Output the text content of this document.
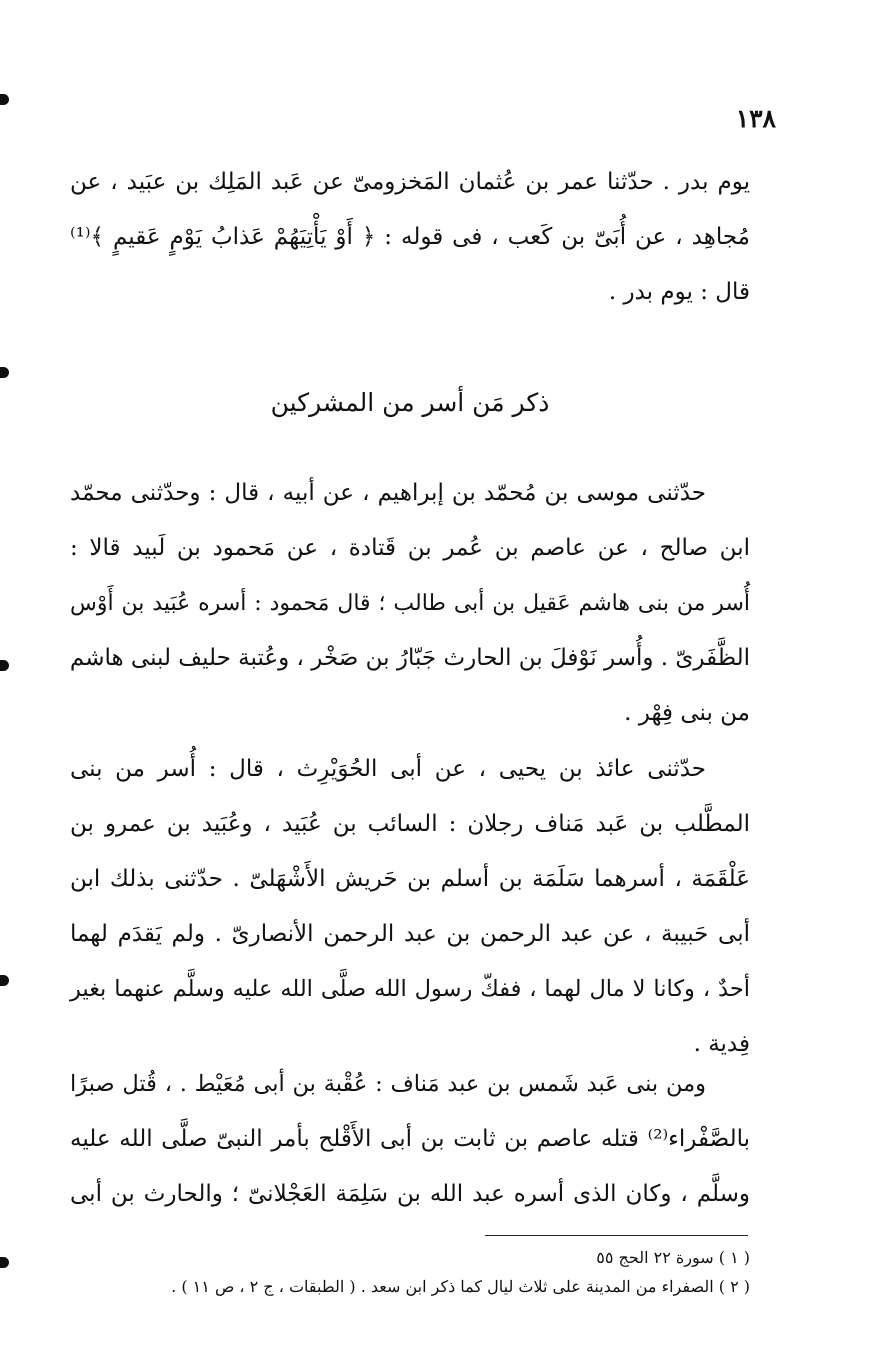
١٣٨
يوم بدر . حدّثنا عمر بن عُثمان المَخزومىّ عن عَبد المَلِك بن عبَيد ، عن
مُجاهِد ، عن أُبَىّ بن كَعب ، فى قوله : ﴿ أَوْ يَأْتِيَهُمْ عَذابُ يَوْمٍ عَقيمٍ ﴾⁽¹⁾
قال : يوم بدر .
ذكر مَن أسر من المشركين
حدّثنى موسى بن مُحمّد بن إبراهيم ، عن أبيه ، قال : وحدّثنى محمّد
ابن صالح ، عن عاصم بن عُمر بن قَتادة ، عن مَحمود بن لَبيد قالا :
أُسر من بنى هاشم عَقيل بن أبى طالب ؛ قال مَحمود : أسره عُبَيد بن أَوْس
الظَّفَرىّ . وأُسر نَوْفلَ بن الحارث جَبّارُ بن صَخْر ، وعُتبة حليف لبنى هاشم
من بنى فِهْر .
حدّثنى عائذ بن يحيى ، عن أبى الحُوَيْرِث ، قال : أُسر من بنى
المطَّلب بن عَبد مَناف رجلان : السائب بن عُبَيد ، وعُبَيد بن عمرو بن
عَلْقَمَة ، أسرهما سَلَمَة بن أسلم بن حَريش الأَشْهَلىّ . حدّثنى بذلك ابن
أبى حَبيبة ، عن عبد الرحمن بن عبد الرحمن الأنصارىّ . ولم يَقدَم لهما
أحدٌ ، وكانا لا مال لهما ، ففكّ رسول الله صلَّى الله عليه وسلَّم عنهما بغير
فِدية .
ومن بنى عَبد شَمس بن عبد مَناف : عُقْبة بن أبى مُعَيْط . ، قُتل صبرًا
بالصَّفْراء⁽²⁾ قتله عاصم بن ثابت بن أبى الأَقْلح بأمر النبىّ صلَّى الله عليه
وسلَّم ، وكان الذى أسره عبد الله بن سَلِمَة العَجْلانىّ ؛ والحارث بن أبى
( ١ ) سورة ٢٢ الحج ٥٥
( ٢ ) الصفراء من المدينة على ثلاث ليال كما ذكر ابن سعد . ( الطبقات ، ج ٢ ، ص ١١ ) .
